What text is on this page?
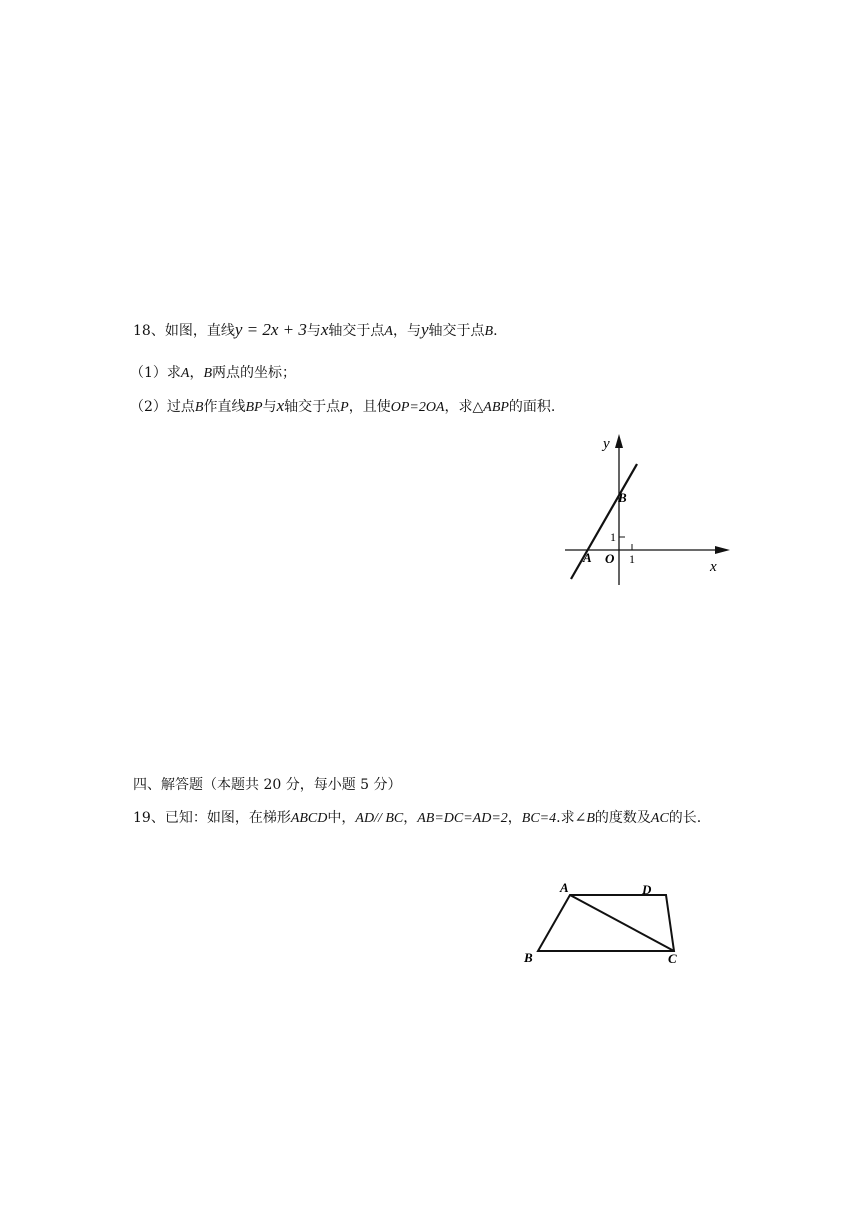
18、如图，直线y = 2x + 3与x轴交于点A，与y轴交于点B.
（1）求A，B两点的坐标；
（2）过点B作直线BP与x轴交于点P，且使OP=2OA，求△ABP的面积.
y
x
B
A O 1
1
四、解答题（本题共 20 分，每小题 5 分）
19、已知：如图，在梯形ABCD中，AD// BC，AB=DC=AD=2，BC=4.求∠B的度数及AC的长.
A	D
B	C
